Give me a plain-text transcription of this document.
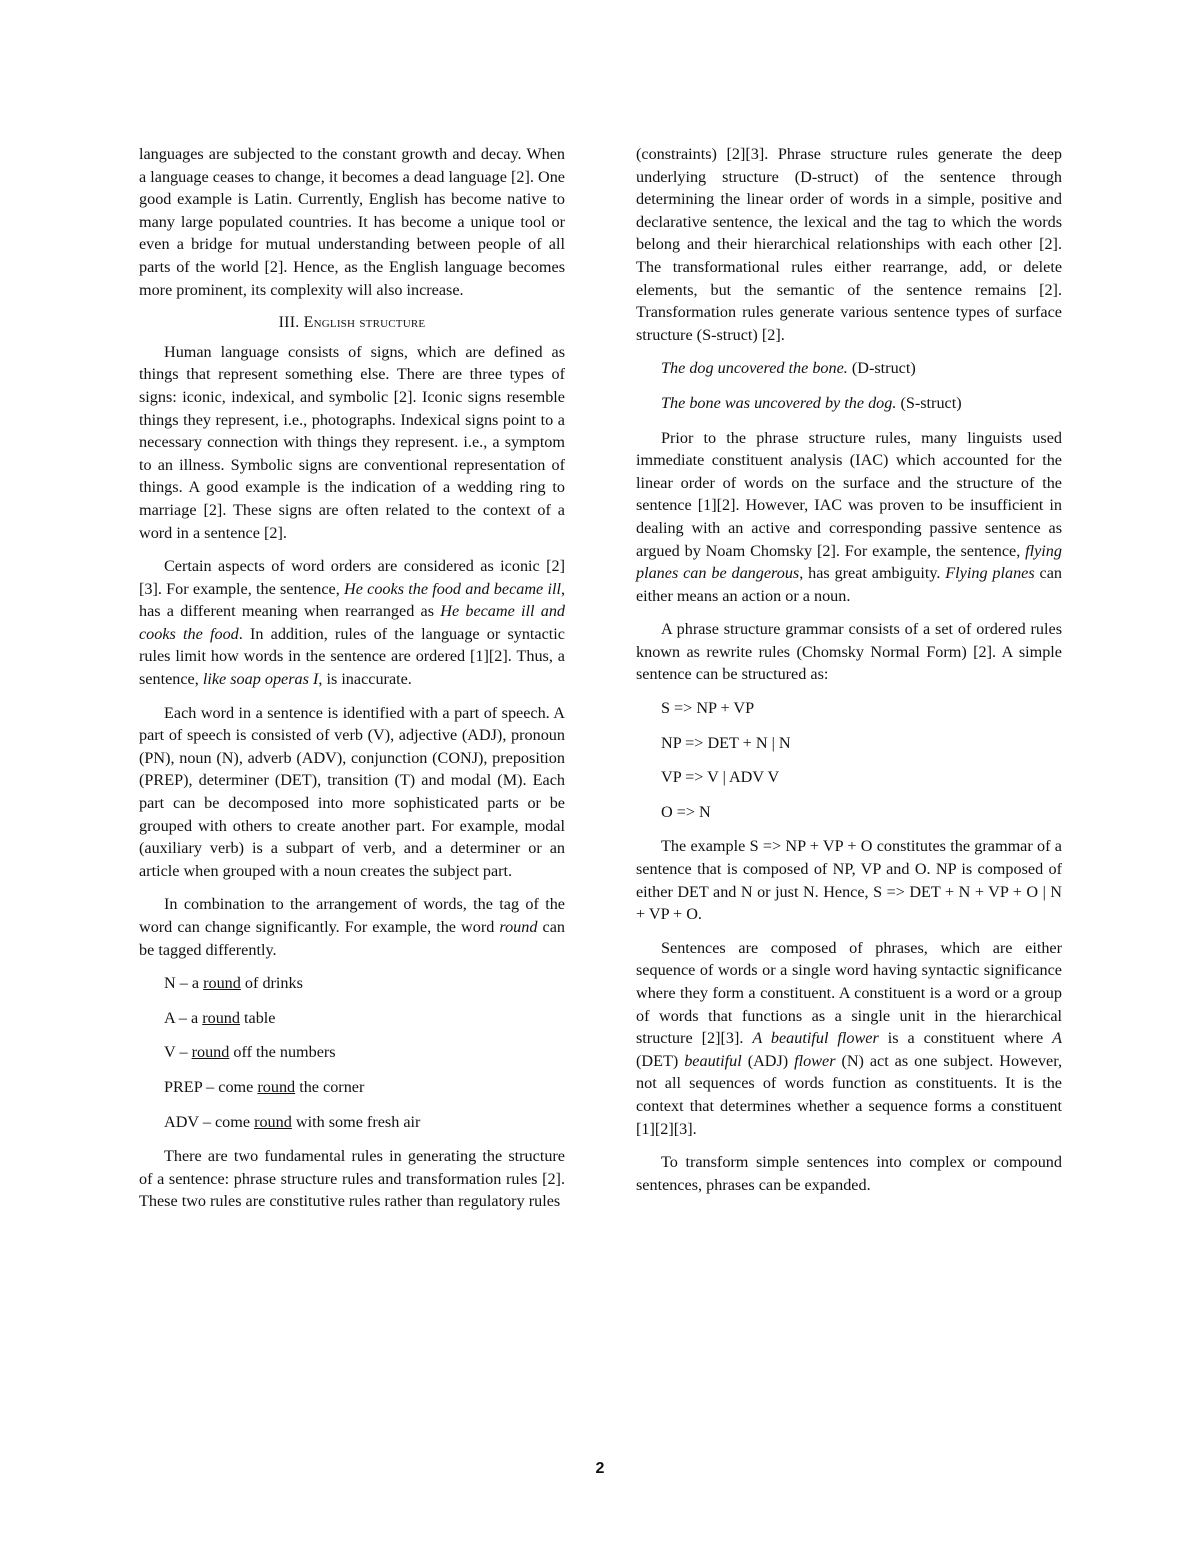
languages are subjected to the constant growth and decay. When a language ceases to change, it becomes a dead language [2]. One good example is Latin. Currently, English has become native to many large populated countries. It has become a unique tool or even a bridge for mutual understanding between people of all parts of the world [2]. Hence, as the English language becomes more prominent, its complexity will also increase.

III. English structure

Human language consists of signs, which are defined as things that represent something else. There are three types of signs: iconic, indexical, and symbolic [2]. Iconic signs resemble things they represent, i.e., photographs. Indexical signs point to a necessary connection with things they represent. i.e., a symptom to an illness. Symbolic signs are conventional representation of things. A good example is the indication of a wedding ring to marriage [2]. These signs are often related to the context of a word in a sentence [2].

Certain aspects of word orders are considered as iconic [2][3]. For example, the sentence, He cooks the food and became ill, has a different meaning when rearranged as He became ill and cooks the food. In addition, rules of the language or syntactic rules limit how words in the sentence are ordered [1][2]. Thus, a sentence, like soap operas I, is inaccurate.

Each word in a sentence is identified with a part of speech. A part of speech is consisted of verb (V), adjective (ADJ), pronoun (PN), noun (N), adverb (ADV), conjunction (CONJ), preposition (PREP), determiner (DET), transition (T) and modal (M). Each part can be decomposed into more sophisticated parts or be grouped with others to create another part. For example, modal (auxiliary verb) is a subpart of verb, and a determiner or an article when grouped with a noun creates the subject part.

In combination to the arrangement of words, the tag of the word can change significantly. For example, the word round can be tagged differently.

N – a round of drinks

A – a round table

V – round off the numbers

PREP – come round the corner

ADV – come round with some fresh air

There are two fundamental rules in generating the structure of a sentence: phrase structure rules and transformation rules [2]. These two rules are constitutive rules rather than regulatory rules

(constraints) [2][3]. Phrase structure rules generate the deep underlying structure (D-struct) of the sentence through determining the linear order of words in a simple, positive and declarative sentence, the lexical and the tag to which the words belong and their hierarchical relationships with each other [2]. The transformational rules either rearrange, add, or delete elements, but the semantic of the sentence remains [2]. Transformation rules generate various sentence types of surface structure (S-struct) [2].

The dog uncovered the bone. (D-struct)

The bone was uncovered by the dog. (S-struct)

Prior to the phrase structure rules, many linguists used immediate constituent analysis (IAC) which accounted for the linear order of words on the surface and the structure of the sentence [1][2]. However, IAC was proven to be insufficient in dealing with an active and corresponding passive sentence as argued by Noam Chomsky [2]. For example, the sentence, flying planes can be dangerous, has great ambiguity. Flying planes can either means an action or a noun.

A phrase structure grammar consists of a set of ordered rules known as rewrite rules (Chomsky Normal Form) [2]. A simple sentence can be structured as:

S => NP + VP

NP => DET + N | N

VP => V | ADV V

O => N

The example S => NP + VP + O constitutes the grammar of a sentence that is composed of NP, VP and O. NP is composed of either DET and N or just N. Hence, S => DET + N + VP + O | N + VP + O.

Sentences are composed of phrases, which are either sequence of words or a single word having syntactic significance where they form a constituent. A constituent is a word or a group of words that functions as a single unit in the hierarchical structure [2][3]. A beautiful flower is a constituent where A (DET) beautiful (ADJ) flower (N) act as one subject. However, not all sequences of words function as constituents. It is the context that determines whether a sequence forms a constituent [1][2][3].

To transform simple sentences into complex or compound sentences, phrases can be expanded.

2
